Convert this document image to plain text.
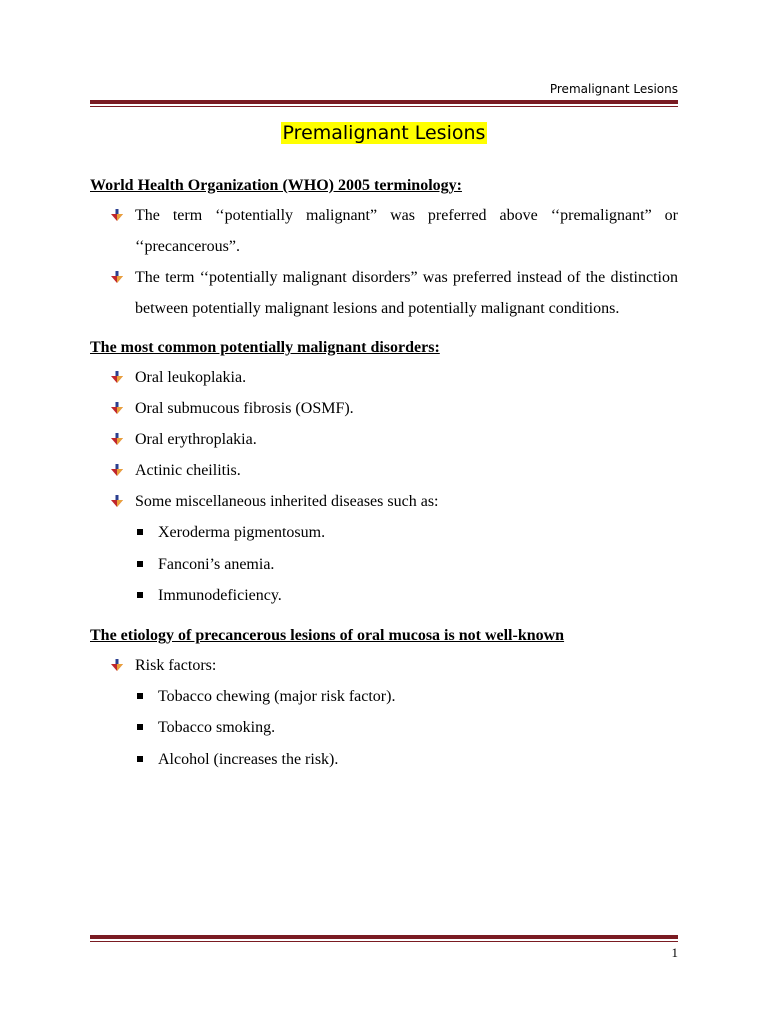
Premalignant Lesions
Premalignant Lesions

World Health Organization (WHO) 2005 terminology:

The term ‘‘potentially malignant” was preferred above ‘‘premalignant” or ‘‘precancerous”.
The term ‘‘potentially malignant disorders” was preferred instead of the distinction between potentially malignant lesions and potentially malignant conditions.

The most common potentially malignant disorders:

Oral leukoplakia.
Oral submucous fibrosis (OSMF).
Oral erythroplakia.
Actinic cheilitis.
Some miscellaneous inherited diseases such as:
Xeroderma pigmentosum.
Fanconi’s anemia.
Immunodeficiency.

The etiology of precancerous lesions of oral mucosa is not well-known

Risk factors:
Tobacco chewing (major risk factor).
Tobacco smoking.
Alcohol (increases the risk).
1
